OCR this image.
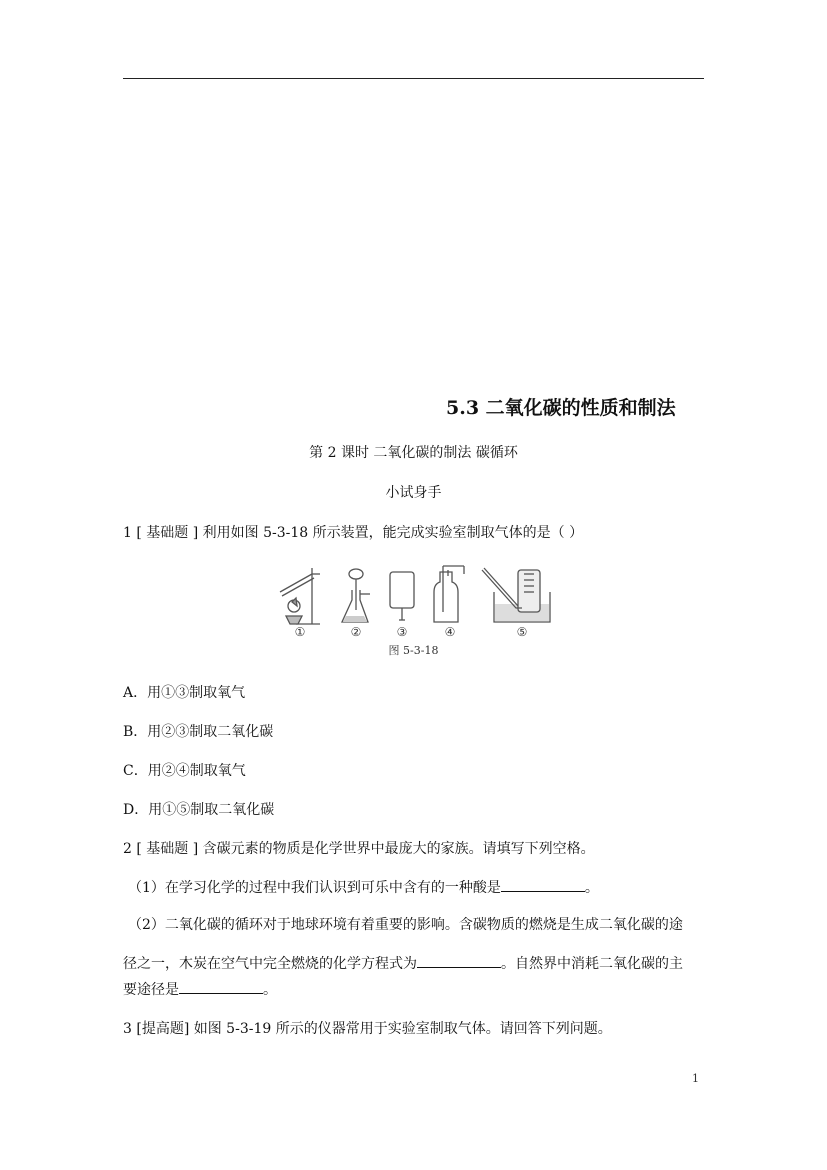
5.3 二氧化碳的性质和制法
第 2 课时 二氧化碳的制法 碳循环
小试身手
1 [ 基础题 ] 利用如图 5-3-18 所示装置，能完成实验室制取气体的是（ ）
①	②	③	④	⑤
图 5-3-18
A．用①③制取氧气
B．用②③制取二氧化碳
C．用②④制取氧气
D．用①⑤制取二氧化碳
2 [ 基础题 ] 含碳元素的物质是化学世界中最庞大的家族。请填写下列空格。
（1）在学习化学的过程中我们认识到可乐中含有的一种酸是	。
（2）二氧化碳的循环对于地球环境有着重要的影响。含碳物质的燃烧是生成二氧化碳的途
径之一，木炭在空气中完全燃烧的化学方程式为	。自然界中消耗二氧化碳的主
要途径是	。
3 [提高题] 如图 5-3-19 所示的仪器常用于实验室制取气体。请回答下列问题。
1
